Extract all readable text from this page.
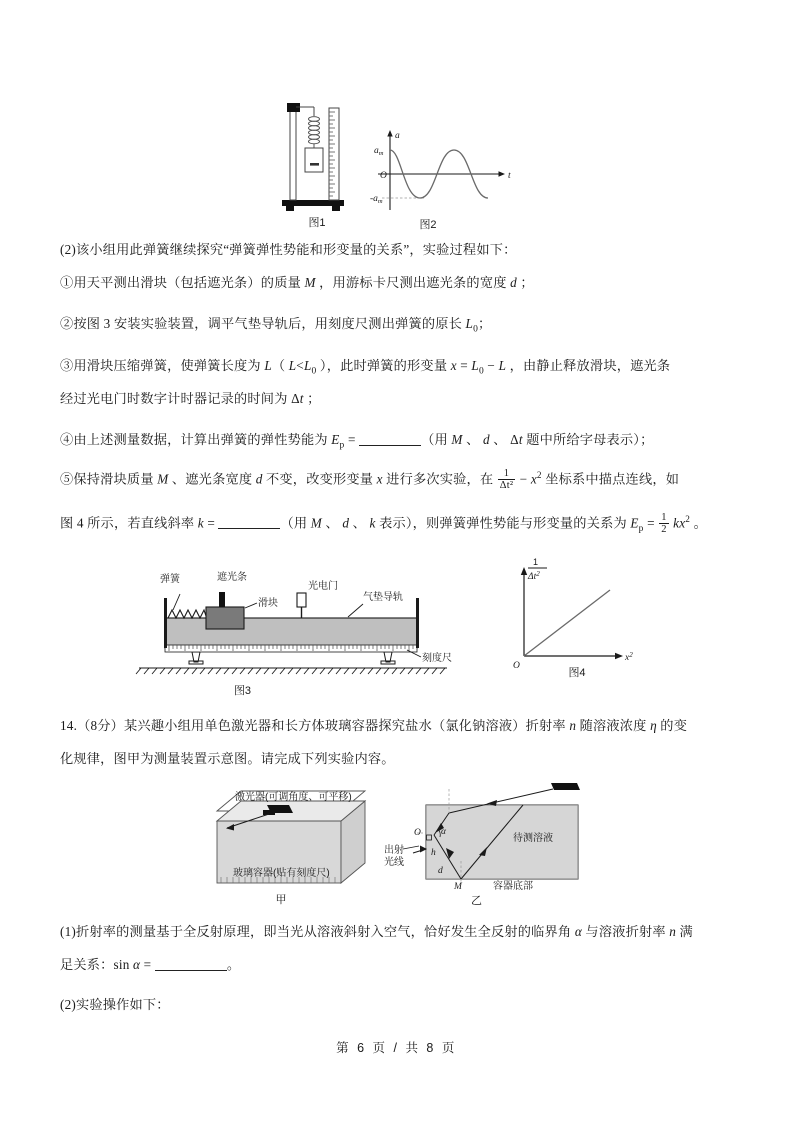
图1
a
t
O
$a_m$
$-a_m$
图2
(2)该小组用此弹簧继续探究“弹簧弹性势能和形变量的关系”，实验过程如下：
①用天平测出滑块（包括遮光条）的质量 M ，用游标卡尺测出遮光条的宽度 d ；
②按图 3 安装实验装置，调平气垫导轨后，用刻度尺测出弹簧的原长 $L_0$；
③用滑块压缩弹簧，使弹簧长度为 L（ $L<L_0$ ），此时弹簧的形变量 $x = L_0 - L$ ，由静止释放滑块，遮光条
经过光电门时数字计时器记录的时间为 Δt ；
④由上述测量数据，计算出弹簧的弹性势能为 $E_p$ =	（用 M 、 d 、 Δt 题中所给字母表示）；
⑤保持滑块质量 M 、遮光条宽度 d 不变，改变形变量 x 进行多次实验，在 $\frac{1}{\text{Δt²}} - x^2$ 坐标系中描点连线，如
图 4 所示，若直线斜率 k =	（用 M 、 d 、 k 表示），则弹簧弹性势能与形变量的关系为 $E_p = \frac{1}{2} kx^2$ 。
弹簧	遮光条
滑块
光电门
气垫导轨
刻度尺
图3
1
$\Delta t^2$
$x^2$
O
图4
14.（8分）某兴趣小组用单色激光器和长方体玻璃容器探究盐水（氯化钠溶液）折射率 n 随溶液浓度 η 的变
化规律，图甲为测量装置示意图。请完成下列实验内容。
激光器(可调角度、可平移)
玻璃容器(贴有刻度尺)
甲
O α
h
d
M
出射
光线
待测溶液
容器底部
乙
(1)折射率的测量基于全反射原理，即当光从溶液斜射入空气，恰好发生全反射的临界角 α 与溶液折射率 n 满
足关系：sin α =	。
(2)实验操作如下：
第 6 页 / 共 8 页
